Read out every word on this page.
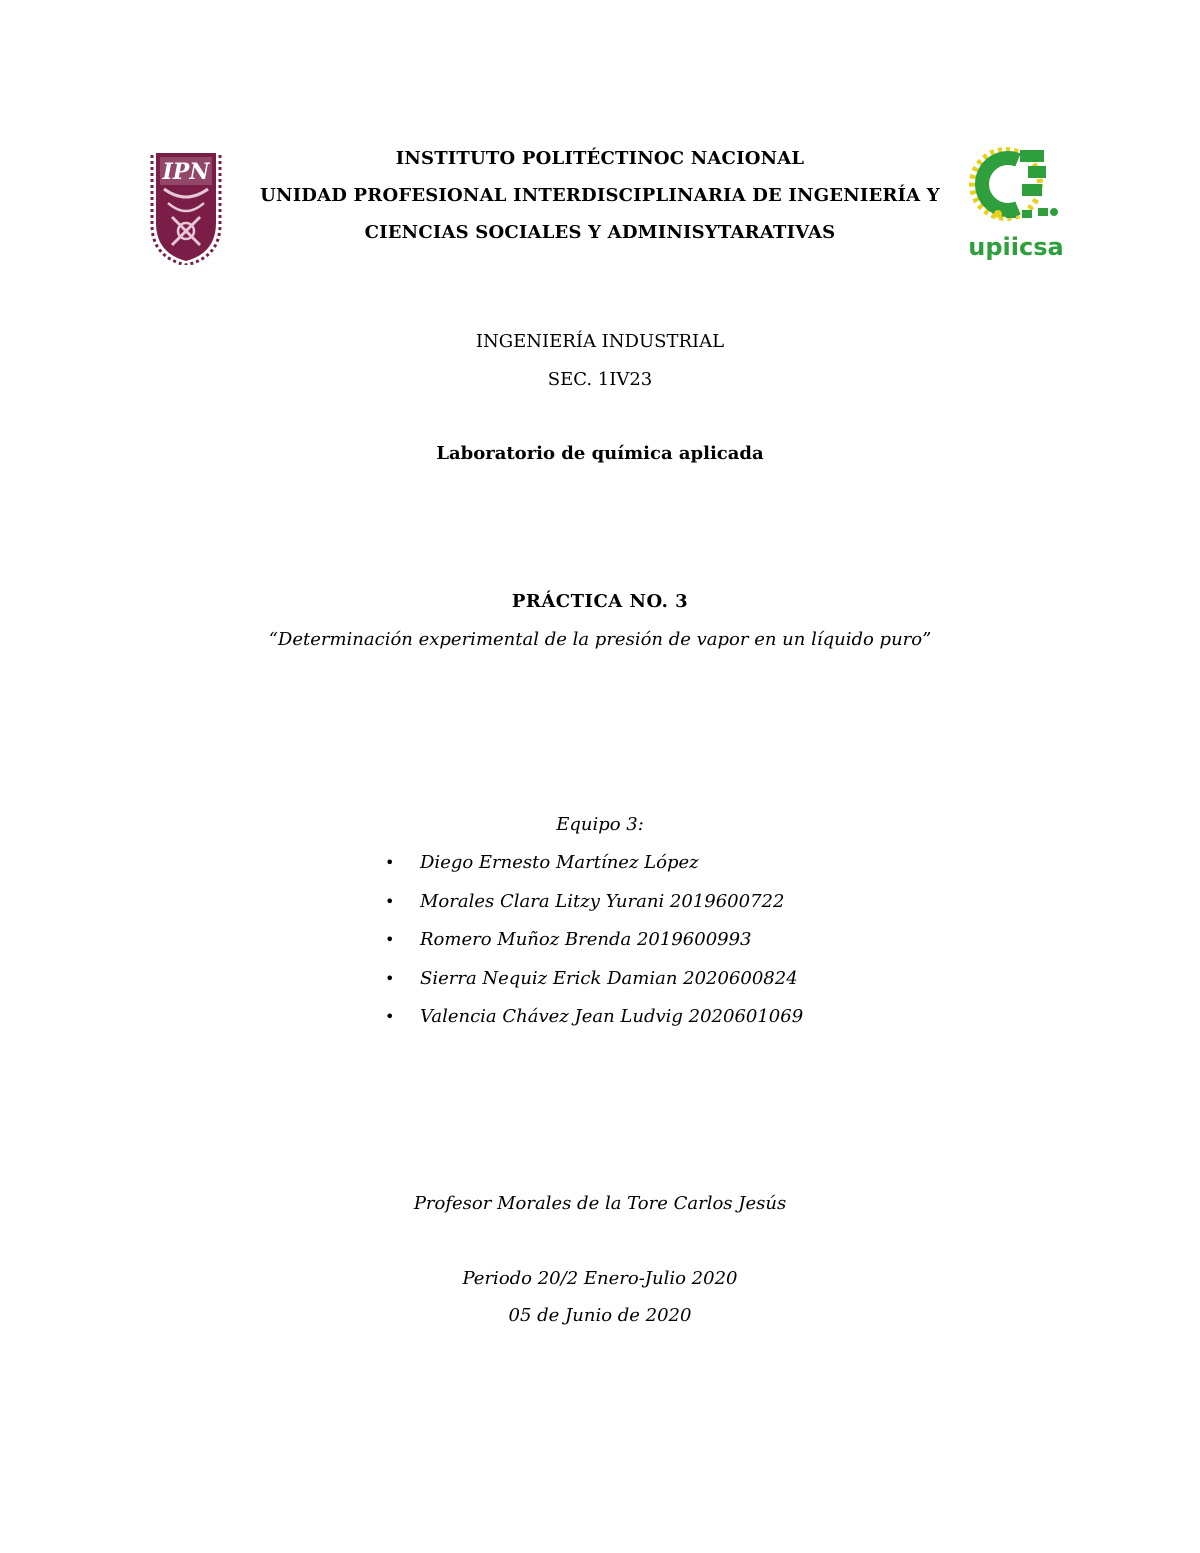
IPN
INSTITUTO POLITÉCTINOC NACIONAL
UNIDAD PROFESIONAL INTERDISCIPLINARIA DE INGENIERÍA Y
CIENCIAS SOCIALES Y ADMINISYTARATIVAS
upiicsa
INGENIERÍA INDUSTRIAL
SEC. 1IV23
Laboratorio de química aplicada
PRÁCTICA NO. 3
“Determinación experimental de la presión de vapor en un líquido puro”
Equipo 3:
• Diego Ernesto Martínez López
• Morales Clara Litzy Yurani 2019600722
• Romero Muñoz Brenda 2019600993
• Sierra Nequiz Erick Damian 2020600824
• Valencia Chávez Jean Ludvig 2020601069
Profesor Morales de la Tore Carlos Jesús
Periodo 20/2 Enero-Julio 2020
05 de Junio de 2020
